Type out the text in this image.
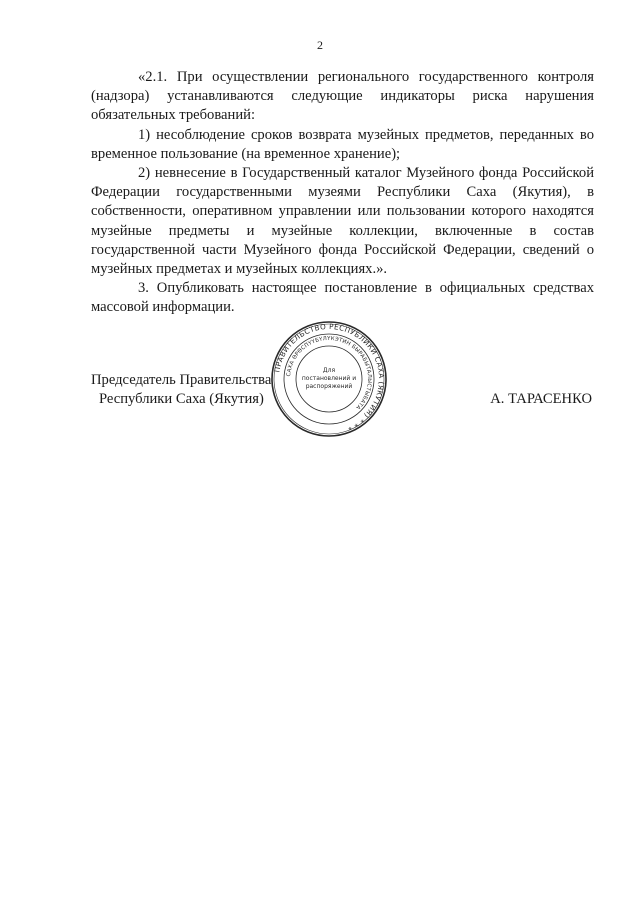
2

«2.1. При осуществлении регионального государственного контроля (надзора) устанавливаются следующие индикаторы риска нарушения обязательных требований:

1) несоблюдение сроков возврата музейных предметов, переданных во временное пользование (на временное хранение);

2) невнесение в Государственный каталог Музейного фонда Российской Федерации государственными музеями Республики Саха (Якутия), в собственности, оперативном управлении или пользовании которого находятся музейные предметы и музейные коллекции, включенные в состав государственной части Музейного фонда Российской Федерации, сведений о музейных предметах и музейных коллекциях.».

3. Опубликовать настоящее постановление в официальных средствах массовой информации.

Председатель Правительства
Республики Саха (Якутия)	А. ТАРАСЕНКО
ПРАВИТЕЛЬСТВО РЕСПУБЛИКИ САХА (ЯКУТИЯ) * * *
САХА ӨРӨСПҮҮБҮЛҮКЭТИН БЫРАБЫТАЛЫСТЫБАТА
Для
постановлений и
распоряжений
